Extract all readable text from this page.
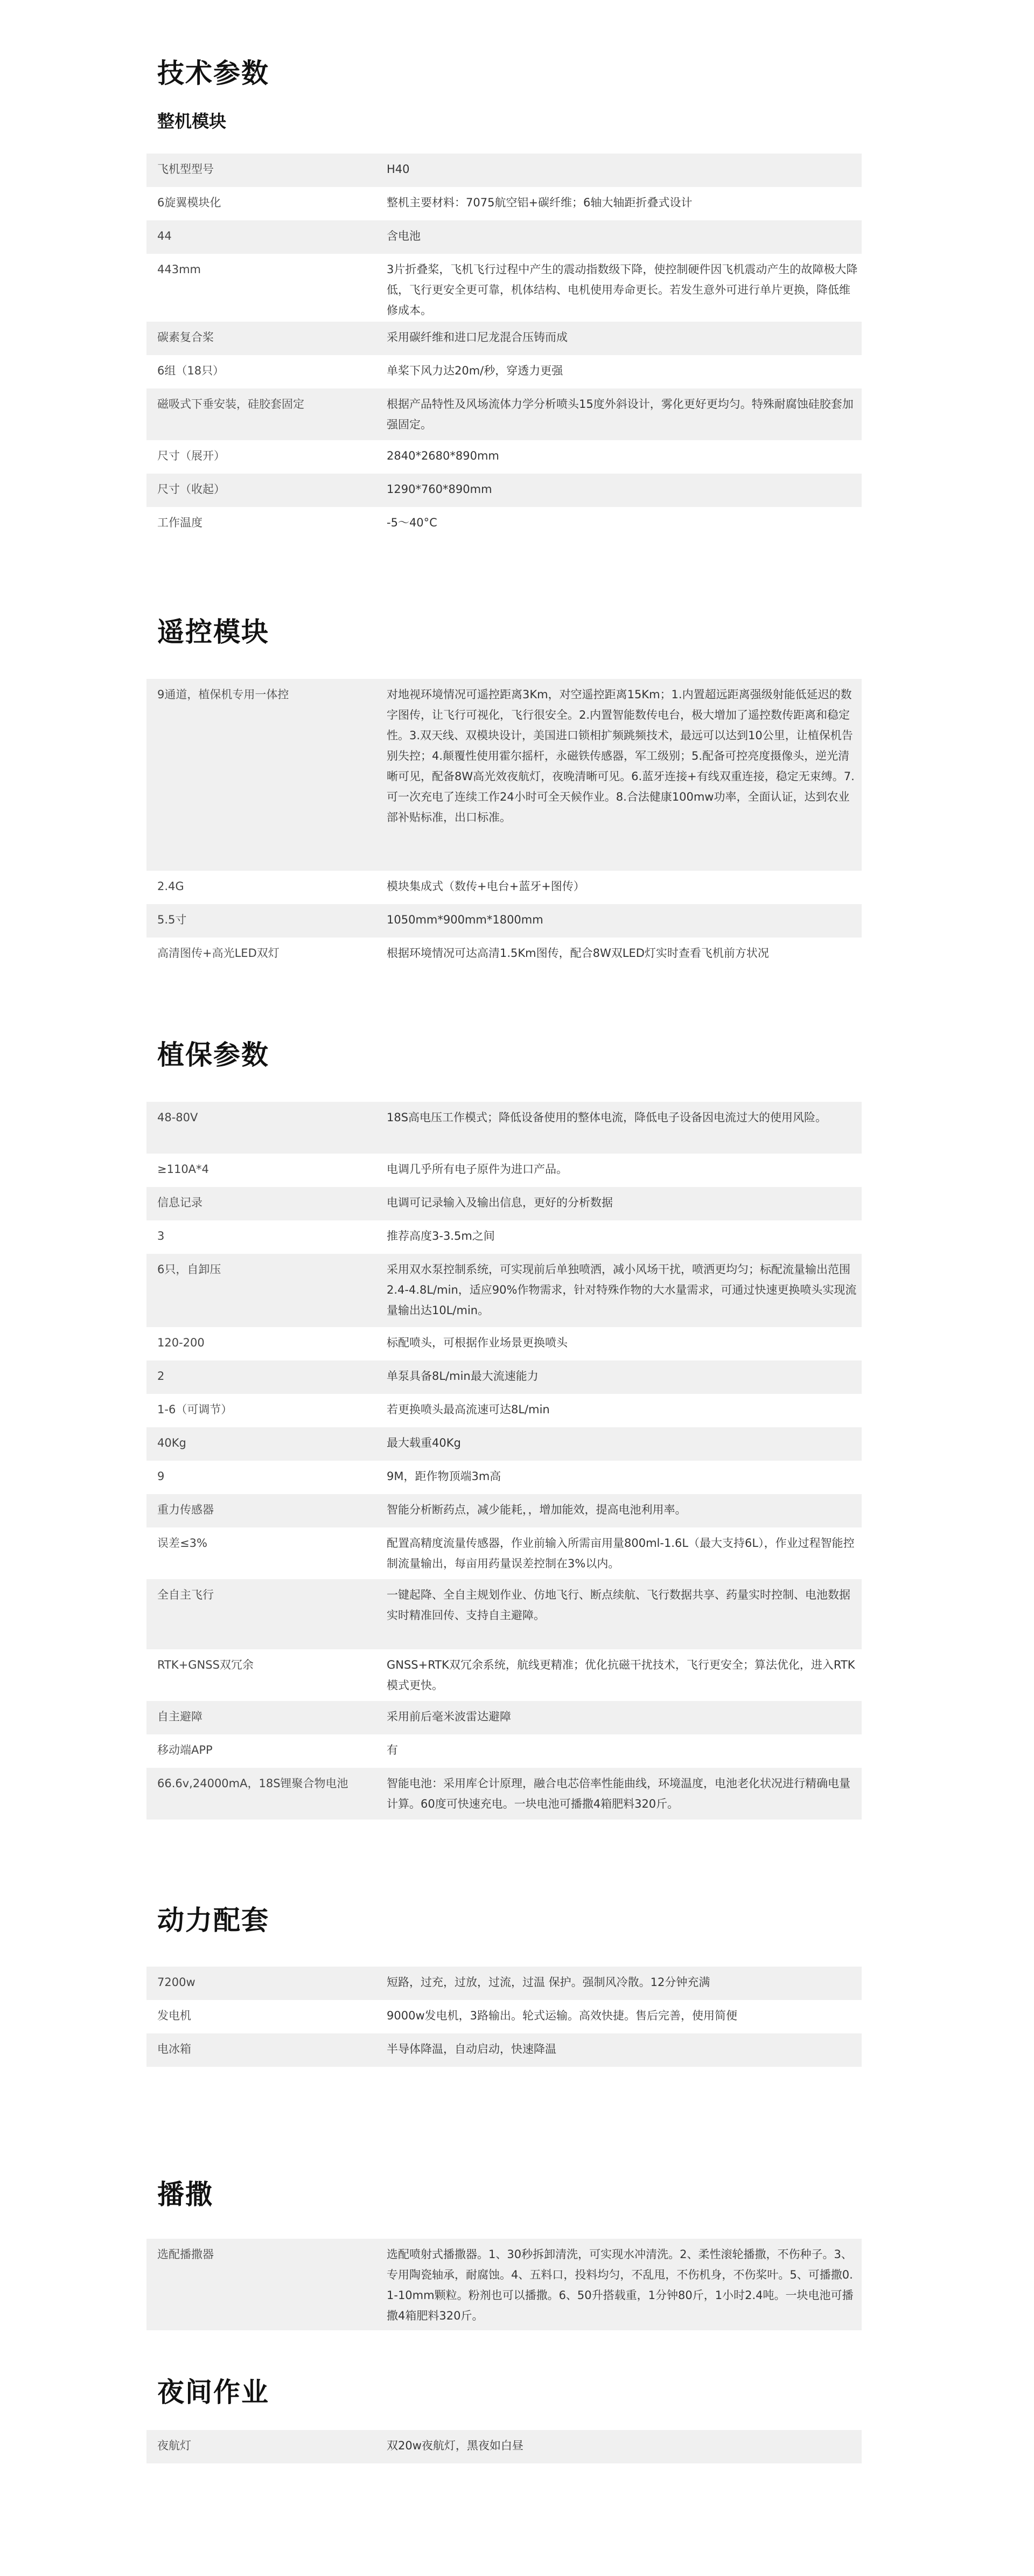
技术参数
整机模块
飞机型型号	H40
6旋翼模块化	整机主要材料：7075航空铝+碳纤维；6轴大轴距折叠式设计
44	含电池
443mm	3片折叠桨，飞机飞行过程中产生的震动指数级下降，使控制硬件因飞机震动产生的故障极大降低，飞行更安全更可靠，机体结构、电机使用寿命更长。若发生意外可进行单片更换，降低维修成本。
碳素复合桨	采用碳纤维和进口尼龙混合压铸而成
6组（18只）	单桨下风力达20m/秒，穿透力更强
磁吸式下垂安装，硅胶套固定	根据产品特性及风场流体力学分析喷头15度外斜设计，雾化更好更均匀。特殊耐腐蚀硅胶套加强固定。
尺寸（展开）	2840*2680*890mm
尺寸（收起）	1290*760*890mm
工作温度	-5～40°C
遥控模块
9通道，植保机专用一体控	对地视环境情况可遥控距离3Km，对空遥控距离15Km；1.内置超远距离强级射能低延迟的数字图传，让飞行可视化，飞行很安全。2.内置智能数传电台，极大增加了遥控数传距离和稳定性。3.双天线、双模块设计，美国进口锁相扩频跳频技术，最远可以达到10公里，让植保机告别失控；4.颠覆性使用霍尔摇杆，永磁铁传感器，军工级别；5.配备可控亮度摄像头，逆光清晰可见，配备8W高光效夜航灯，夜晚清晰可见。6.蓝牙连接+有线双重连接，稳定无束缚。7.可一次充电了连续工作24小时可全天候作业。8.合法健康100mw功率，全面认证，达到农业部补贴标准，出口标准。
2.4G	模块集成式（数传+电台+蓝牙+图传）
5.5寸	1050mm*900mm*1800mm
高清图传+高光LED双灯	根据环境情况可达高清1.5Km图传，配合8W双LED灯实时查看飞机前方状况
植保参数
48-80V	18S高电压工作模式；降低设备使用的整体电流，降低电子设备因电流过大的使用风险。
≥110A*4	电调几乎所有电子原件为进口产品。
信息记录	电调可记录输入及输出信息，更好的分析数据
3	推荐高度3-3.5m之间
6只，自卸压	采用双水泵控制系统，可实现前后单独喷洒，减小风场干扰，喷洒更均匀；标配流量输出范围2.4-4.8L/min，适应90%作物需求，针对特殊作物的大水量需求，可通过快速更换喷头实现流量输出达10L/min。
120-200	标配喷头，可根据作业场景更换喷头
2	单泵具备8L/min最大流速能力
1-6（可调节）	若更换喷头最高流速可达8L/min
40Kg	最大载重40Kg
9	9M，距作物顶端3m高
重力传感器	智能分析断药点，减少能耗，，增加能效，提高电池利用率。
误差≤3%	配置高精度流量传感器，作业前输入所需亩用量800ml-1.6L（最大支持6L），作业过程智能控制流量输出，每亩用药量误差控制在3%以内。
全自主飞行	一键起降、全自主规划作业、仿地飞行、断点续航、飞行数据共享、药量实时控制、电池数据实时精准回传、支持自主避障。
RTK+GNSS双冗余	GNSS+RTK双冗余系统，航线更精准；优化抗磁干扰技术，飞行更安全；算法优化，进入RTK模式更快。
自主避障	采用前后毫米波雷达避障
移动端APP	有
66.6v,24000mA，18S锂聚合物电池	智能电池：采用库仑计原理，融合电芯倍率性能曲线，环境温度，电池老化状况进行精确电量计算。60度可快速充电。一块电池可播撒4箱肥料320斤。
动力配套
7200w	短路，过充，过放，过流，过温 保护。强制风冷散。12分钟充满
发电机	9000w发电机，3路输出。轮式运输。高效快捷。售后完善，使用简便
电冰箱	半导体降温，自动启动，快速降温
播撒
选配播撒器	选配喷射式播撒器。1、30秒拆卸清洗，可实现水冲清洗。2、柔性滚轮播撒，不伤种子。3、专用陶瓷轴承，耐腐蚀。4、五料口，投料均匀，不乱甩，不伤机身，不伤桨叶。5、可播撒0.1-10mm颗粒。粉剂也可以播撒。6、50升搭载重，1分钟80斤，1小时2.4吨。一块电池可播撒4箱肥料320斤。
夜间作业
夜航灯	双20w夜航灯，黑夜如白昼
